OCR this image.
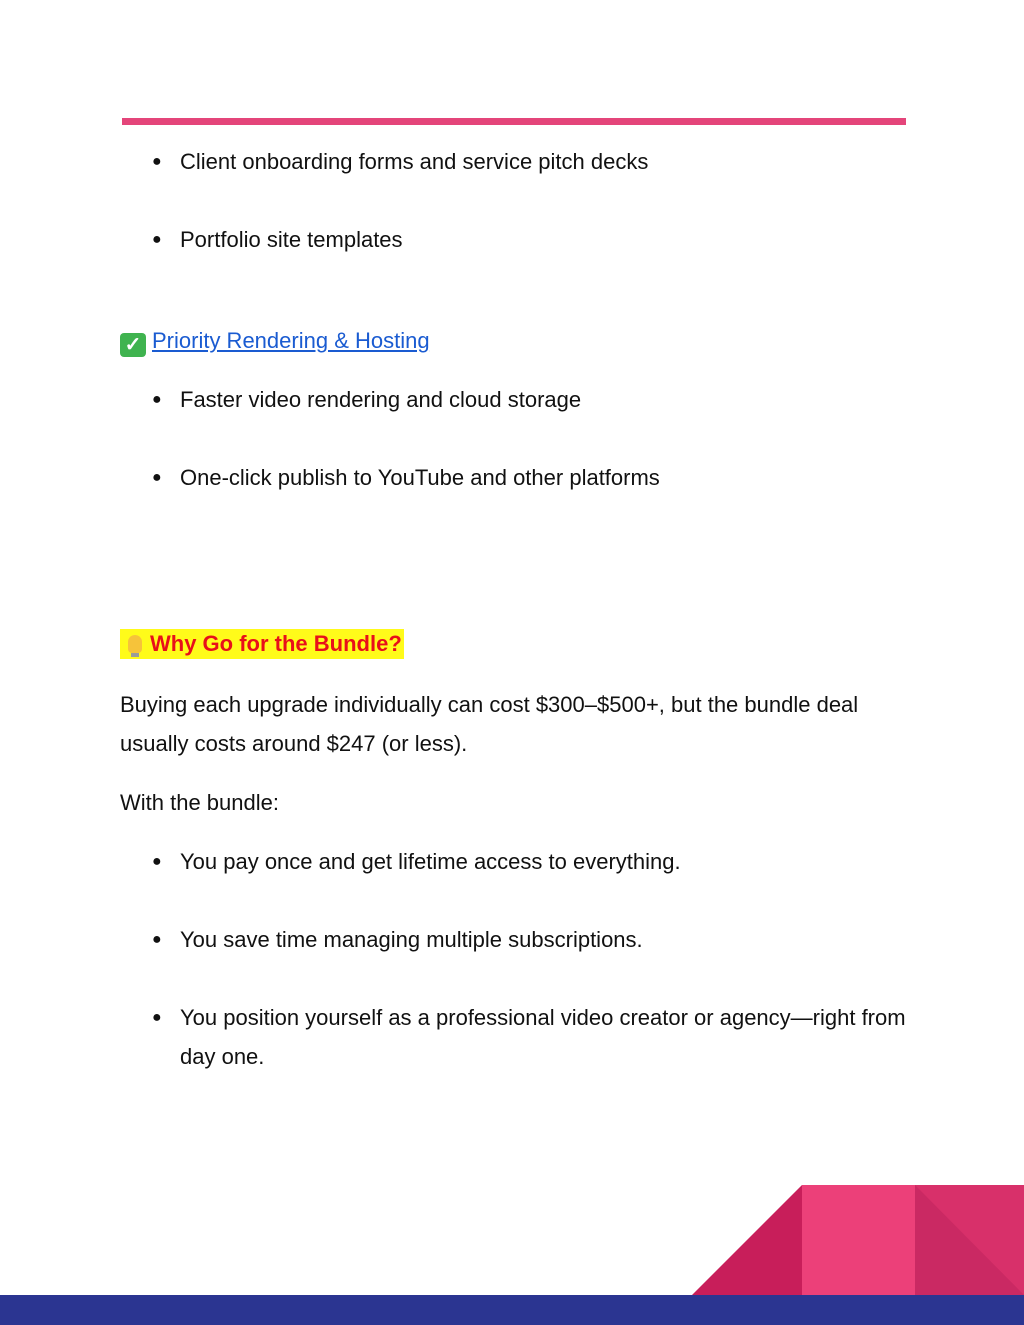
● Client onboarding forms and service pitch decks
● Portfolio site templates
✓ Priority Rendering & Hosting
● Faster video rendering and cloud storage
● One-click publish to YouTube and other platforms
Why Go for the Bundle?
Buying each upgrade individually can cost $300–$500+, but the bundle deal usually costs around $247 (or less).
With the bundle:
● You pay once and get lifetime access to everything.
● You save time managing multiple subscriptions.
● You position yourself as a professional video creator or agency—right from day one.
